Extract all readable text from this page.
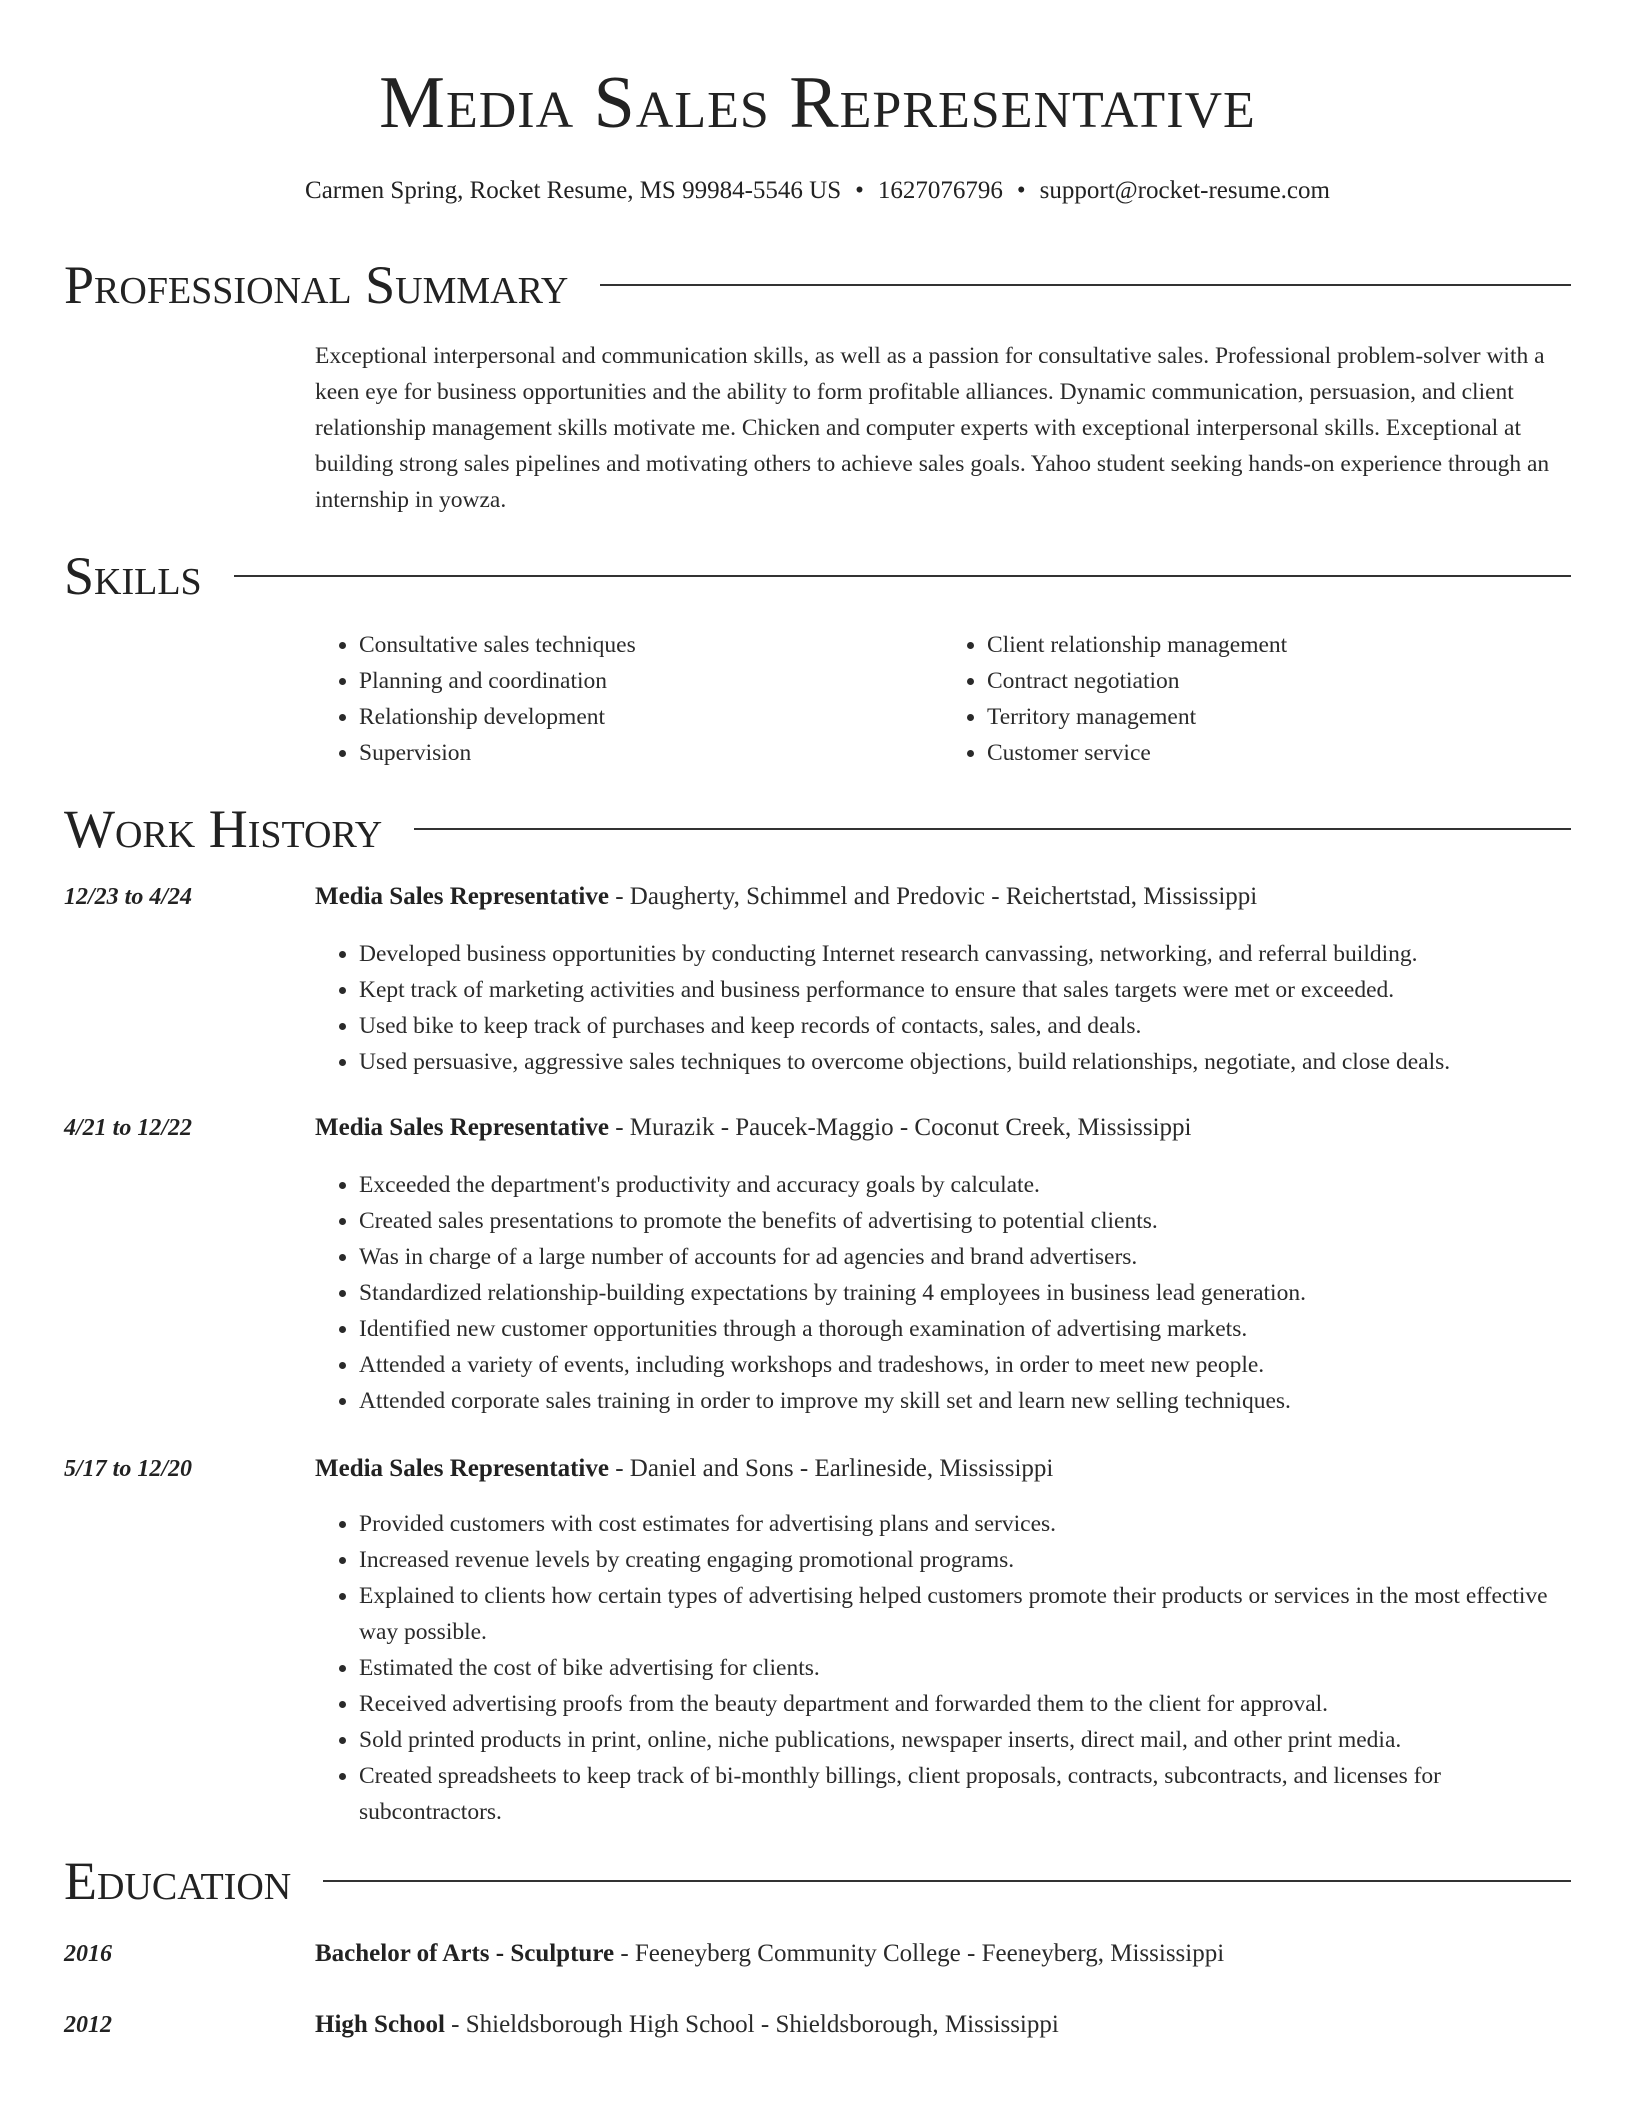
Media Sales Representative
Carmen Spring, Rocket Resume, MS 99984-5546 US • 1627076796 • support@rocket-resume.com
Professional Summary

Exceptional interpersonal and communication skills, as well as a passion for consultative sales. Professional problem-solver with a keen eye for business opportunities and the ability to form profitable alliances. Dynamic communication, persuasion, and client relationship management skills motivate me. Chicken and computer experts with exceptional interpersonal skills. Exceptional at building strong sales pipelines and motivating others to achieve sales goals. Yahoo student seeking hands-on experience through an internship in yowza.

Skills
• Consultative sales techniques
• Planning and coordination
• Relationship development
• Supervision
• Client relationship management
• Contract negotiation
• Territory management
• Customer service
Work History
12/23 to 4/24	Media Sales Representative - Daugherty, Schimmel and Predovic - Reichertstad, Mississippi
• Developed business opportunities by conducting Internet research canvassing, networking, and referral building.
• Kept track of marketing activities and business performance to ensure that sales targets were met or exceeded.
• Used bike to keep track of purchases and keep records of contacts, sales, and deals.
• Used persuasive, aggressive sales techniques to overcome objections, build relationships, negotiate, and close deals.
4/21 to 12/22	Media Sales Representative - Murazik - Paucek-Maggio - Coconut Creek, Mississippi
• Exceeded the department's productivity and accuracy goals by calculate.
• Created sales presentations to promote the benefits of advertising to potential clients.
• Was in charge of a large number of accounts for ad agencies and brand advertisers.
• Standardized relationship-building expectations by training 4 employees in business lead generation.
• Identified new customer opportunities through a thorough examination of advertising markets.
• Attended a variety of events, including workshops and tradeshows, in order to meet new people.
• Attended corporate sales training in order to improve my skill set and learn new selling techniques.
5/17 to 12/20	Media Sales Representative - Daniel and Sons - Earlineside, Mississippi
• Provided customers with cost estimates for advertising plans and services.
• Increased revenue levels by creating engaging promotional programs.
• Explained to clients how certain types of advertising helped customers promote their products or services in the most effective way possible.
• Estimated the cost of bike advertising for clients.
• Received advertising proofs from the beauty department and forwarded them to the client for approval.
• Sold printed products in print, online, niche publications, newspaper inserts, direct mail, and other print media.
• Created spreadsheets to keep track of bi-monthly billings, client proposals, contracts, subcontracts, and licenses for subcontractors.
Education
2016	Bachelor of Arts - Sculpture - Feeneyberg Community College - Feeneyberg, Mississippi
2012	High School - Shieldsborough High School - Shieldsborough, Mississippi
